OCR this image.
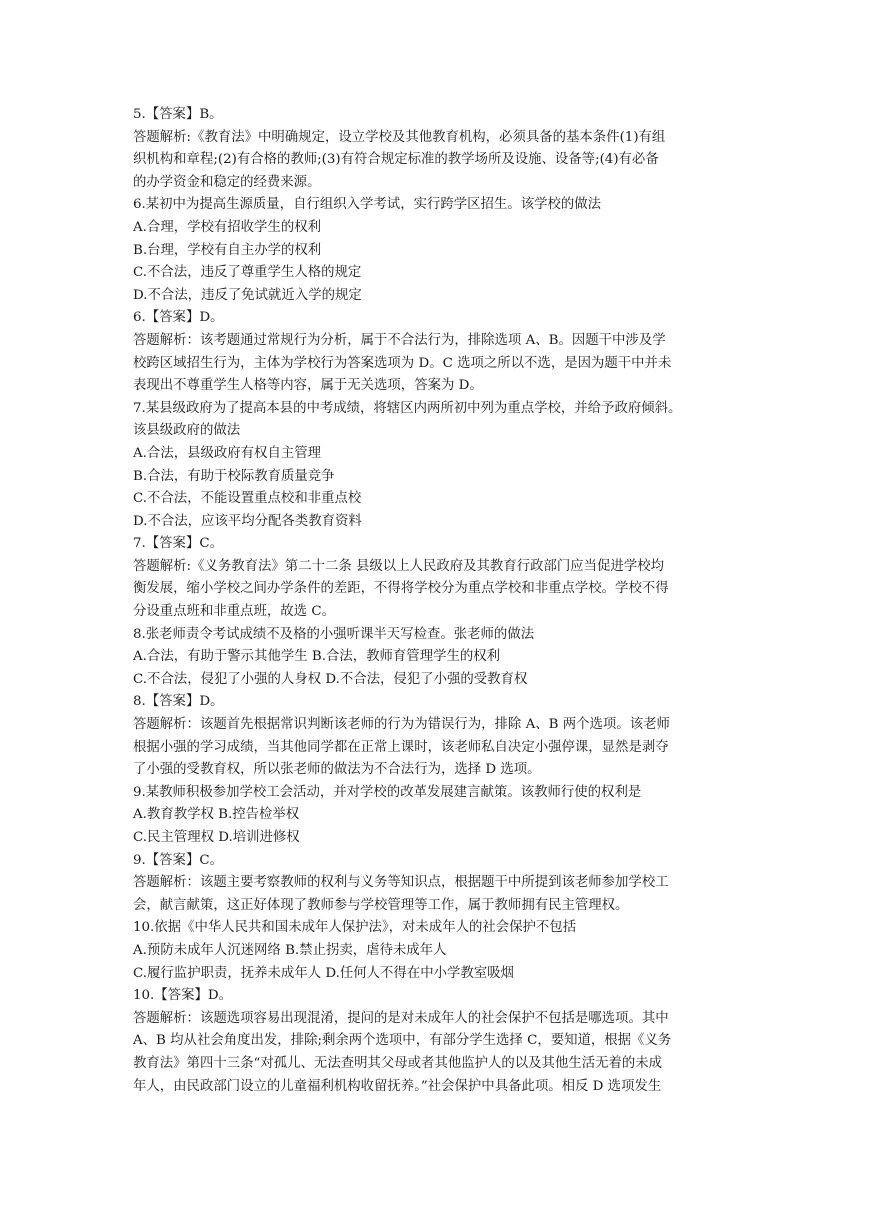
5.【答案】B。
答题解析:《教育法》中明确规定，设立学校及其他教育机构，必须具备的基本条件(1)有组
织机构和章程;(2)有合格的教师;(3)有符合规定标准的教学场所及设施、设备等;(4)有必备
的办学资金和稳定的经费来源。
6.某初中为提高生源质量，自行组织入学考试，实行跨学区招生。该学校的做法
A.合理，学校有招收学生的权利
B.台理，学校有自主办学的权利
C.不合法，违反了尊重学生人格的规定
D.不合法，违反了免试就近入学的规定
6.【答案】D。
答题解析：该考题通过常规行为分析，属于不合法行为，排除选项 A、B。因题干中涉及学
校跨区域招生行为，主体为学校行为答案选项为 D。C 选项之所以不选，是因为题干中并未
表现出不尊重学生人格等内容，属于无关选项，答案为 D。
7.某县级政府为了提高本县的中考成绩，将辖区内两所初中列为重点学校，并给予政府倾斜。
该县级政府的做法
A.合法，县级政府有权自主管理
B.合法，有助于校际教育质量竞争
C.不合法，不能设置重点校和非重点校
D.不合法，应该平均分配各类教育资料
7.【答案】C。
答题解析:《义务教育法》第二十二条 县级以上人民政府及其教育行政部门应当促进学校均
衡发展，缩小学校之间办学条件的差距，不得将学校分为重点学校和非重点学校。学校不得
分设重点班和非重点班，故选 C。
8.张老师责令考试成绩不及格的小强听课半天写检查。张老师的做法
A.合法，有助于警示其他学生 B.合法，教师育管理学生的权利
C.不合法，侵犯了小强的人身权 D.不合法，侵犯了小强的受教育权
8.【答案】D。
答题解析：该题首先根据常识判断该老师的行为为错误行为，排除 A、B 两个选项。该老师
根据小强的学习成绩，当其他同学都在正常上课时，该老师私自决定小强停课，显然是剥夺
了小强的受教育权，所以张老师的做法为不合法行为，选择 D 选项。
9.某教师积极参加学校工会活动，并对学校的改革发展建言献策。该教师行使的权利是
A.教育教学权 B.控告检举权
C.民主管理权 D.培训进修权
9.【答案】C。
答题解析：该题主要考察教师的权利与义务等知识点，根据题干中所提到该老师参加学校工
会，献言献策，这正好体现了教师参与学校管理等工作，属于教师拥有民主管理权。
10.依据《中华人民共和国未成年人保护法》，对未成年人的社会保护不包括
A.预防未成年人沉迷网络 B.禁止拐卖，虐待未成年人
C.履行监护职责，抚养未成年人 D.任何人不得在中小学教室吸烟
10.【答案】D。
答题解析：该题选项容易出现混淆，提问的是对未成年人的社会保护不包括是哪选项。其中
A、B 均从社会角度出发，排除;剩余两个选项中，有部分学生选择 C，要知道，根据《义务
教育法》第四十三条“对孤儿、无法查明其父母或者其他监护人的以及其他生活无着的未成
年人，由民政部门设立的儿童福利机构收留抚养。”社会保护中具备此项。相反 D 选项发生
